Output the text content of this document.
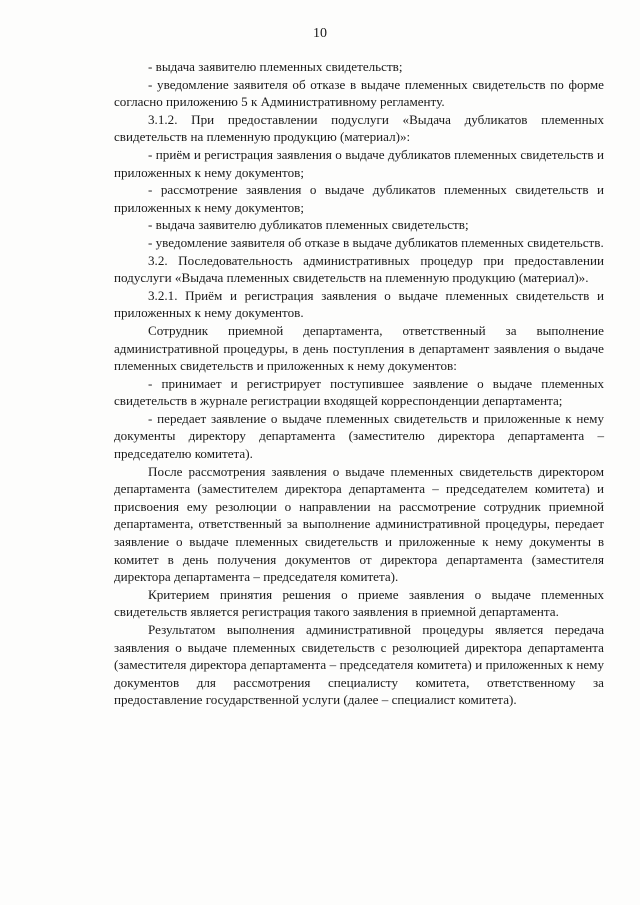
10

- выдача заявителю племенных свидетельств;

- уведомление заявителя об отказе в выдаче племенных свидетельств по форме согласно приложению 5 к Административному регламенту.

3.1.2. При предоставлении подуслуги «Выдача дубликатов племенных свидетельств на племенную продукцию (материал)»:

- приём и регистрация заявления о выдаче дубликатов племенных свидетельств и приложенных к нему документов;

- рассмотрение заявления о выдаче дубликатов племенных свидетельств и приложенных к нему документов;

- выдача заявителю дубликатов племенных свидетельств;

- уведомление заявителя об отказе в выдаче дубликатов племенных свидетельств.

3.2. Последовательность административных процедур при предоставлении подуслуги «Выдача племенных свидетельств на племенную продукцию (материал)».

3.2.1. Приём и регистрация заявления о выдаче племенных свидетельств и приложенных к нему документов.

Сотрудник приемной департамента, ответственный за выполнение административной процедуры, в день поступления в департамент заявления о выдаче племенных свидетельств и приложенных к нему документов:

- принимает и регистрирует поступившее заявление о выдаче племенных свидетельств в журнале регистрации входящей корреспонденции департамента;

- передает заявление о выдаче племенных свидетельств и приложенные к нему документы директору департамента (заместителю директора департамента – председателю комитета).

После рассмотрения заявления о выдаче племенных свидетельств директором департамента (заместителем директора департамента – председателем комитета) и присвоения ему резолюции о направлении на рассмотрение сотрудник приемной департамента, ответственный за выполнение административной процедуры, передает заявление о выдаче племенных свидетельств и приложенные к нему документы в комитет в день получения документов от директора департамента (заместителя директора департамента – председателя комитета).

Критерием принятия решения о приеме заявления о выдаче племенных свидетельств является регистрация такого заявления в приемной департамента.

Результатом выполнения административной процедуры является передача заявления о выдаче племенных свидетельств с резолюцией директора департамента (заместителя директора департамента – председателя комитета) и приложенных к нему документов для рассмотрения специалисту комитета, ответственному за предоставление государственной услуги (далее – специалист комитета).
